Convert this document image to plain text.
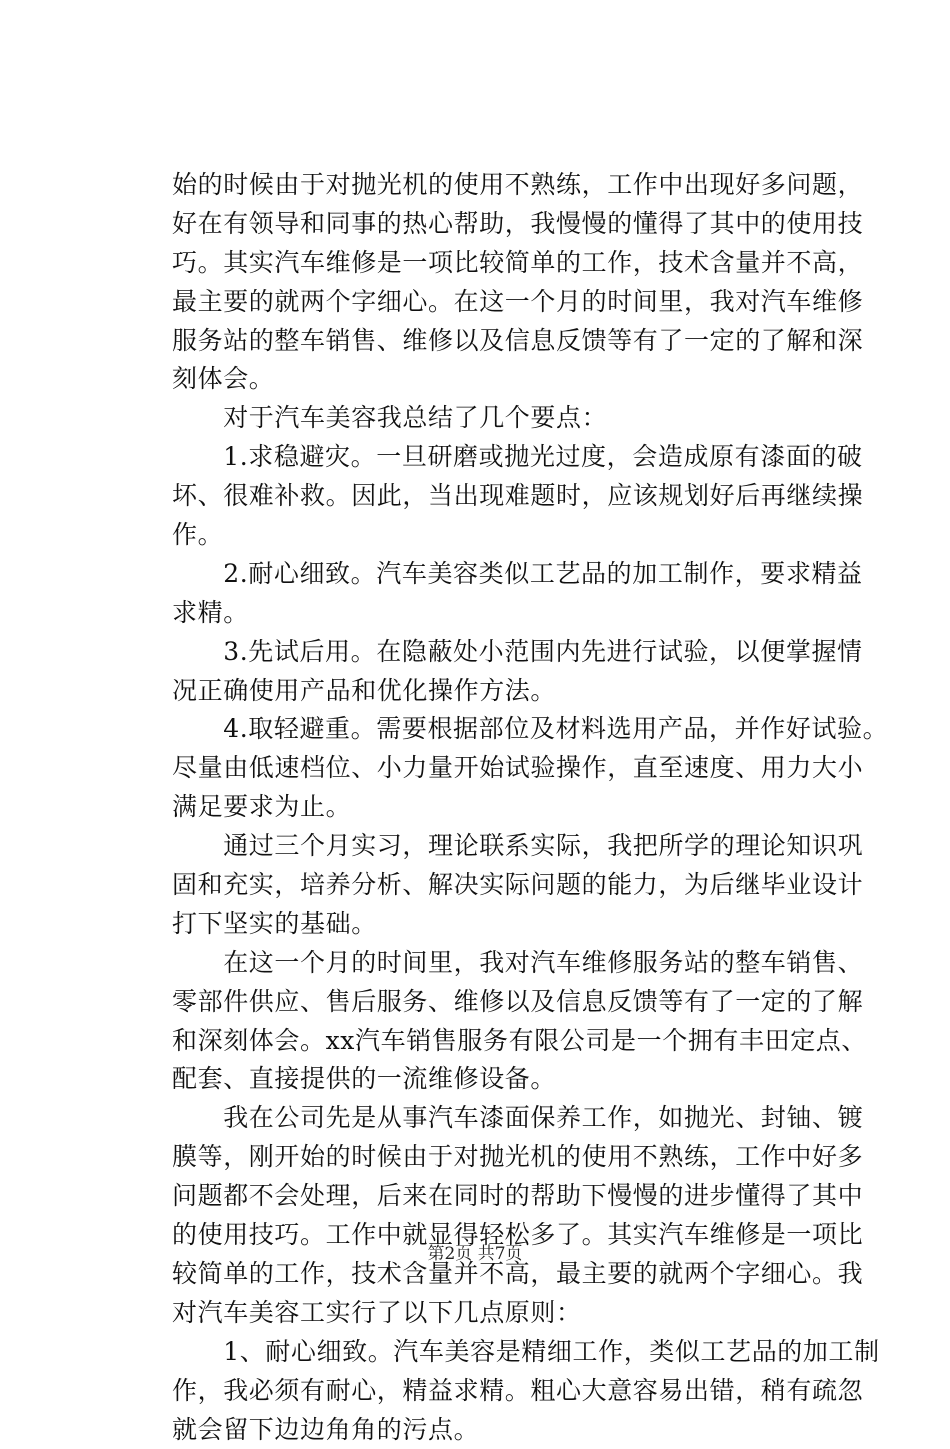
始的时候由于对抛光机的使用不熟练，工作中出现好多问题，
好在有领导和同事的热心帮助，我慢慢的懂得了其中的使用技
巧。其实汽车维修是一项比较简单的工作，技术含量并不高，
最主要的就两个字细心。在这一个月的时间里，我对汽车维修
服务站的整车销售、维修以及信息反馈等有了一定的了解和深
刻体会。
　　对于汽车美容我总结了几个要点：
　　1.求稳避灾。一旦研磨或抛光过度，会造成原有漆面的破
坏、很难补救。因此，当出现难题时，应该规划好后再继续操
作。
　　2.耐心细致。汽车美容类似工艺品的加工制作，要求精益
求精。
　　3.先试后用。在隐蔽处小范围内先进行试验，以便掌握情
况正确使用产品和优化操作方法。
　　4.取轻避重。需要根据部位及材料选用产品，并作好试验。
尽量由低速档位、小力量开始试验操作，直至速度、用力大小
满足要求为止。
　　通过三个月实习，理论联系实际，我把所学的理论知识巩
固和充实，培养分析、解决实际问题的能力，为后继毕业设计
打下坚实的基础。
　　在这一个月的时间里，我对汽车维修服务站的整车销售、
零部件供应、售后服务、维修以及信息反馈等有了一定的了解
和深刻体会。xx汽车销售服务有限公司是一个拥有丰田定点、
配套、直接提供的一流维修设备。
　　我在公司先是从事汽车漆面保养工作，如抛光、封铀、镀
膜等，刚开始的时候由于对抛光机的使用不熟练，工作中好多
问题都不会处理，后来在同时的帮助下慢慢的进步懂得了其中
的使用技巧。工作中就显得轻松多了。其实汽车维修是一项比
较简单的工作，技术含量并不高，最主要的就两个字细心。我
对汽车美容工实行了以下几点原则：
　　1、耐心细致。汽车美容是精细工作，类似工艺品的加工制
作，我必须有耐心，精益求精。粗心大意容易出错，稍有疏忽
就会留下边边角角的污点。
第2页 共7页
